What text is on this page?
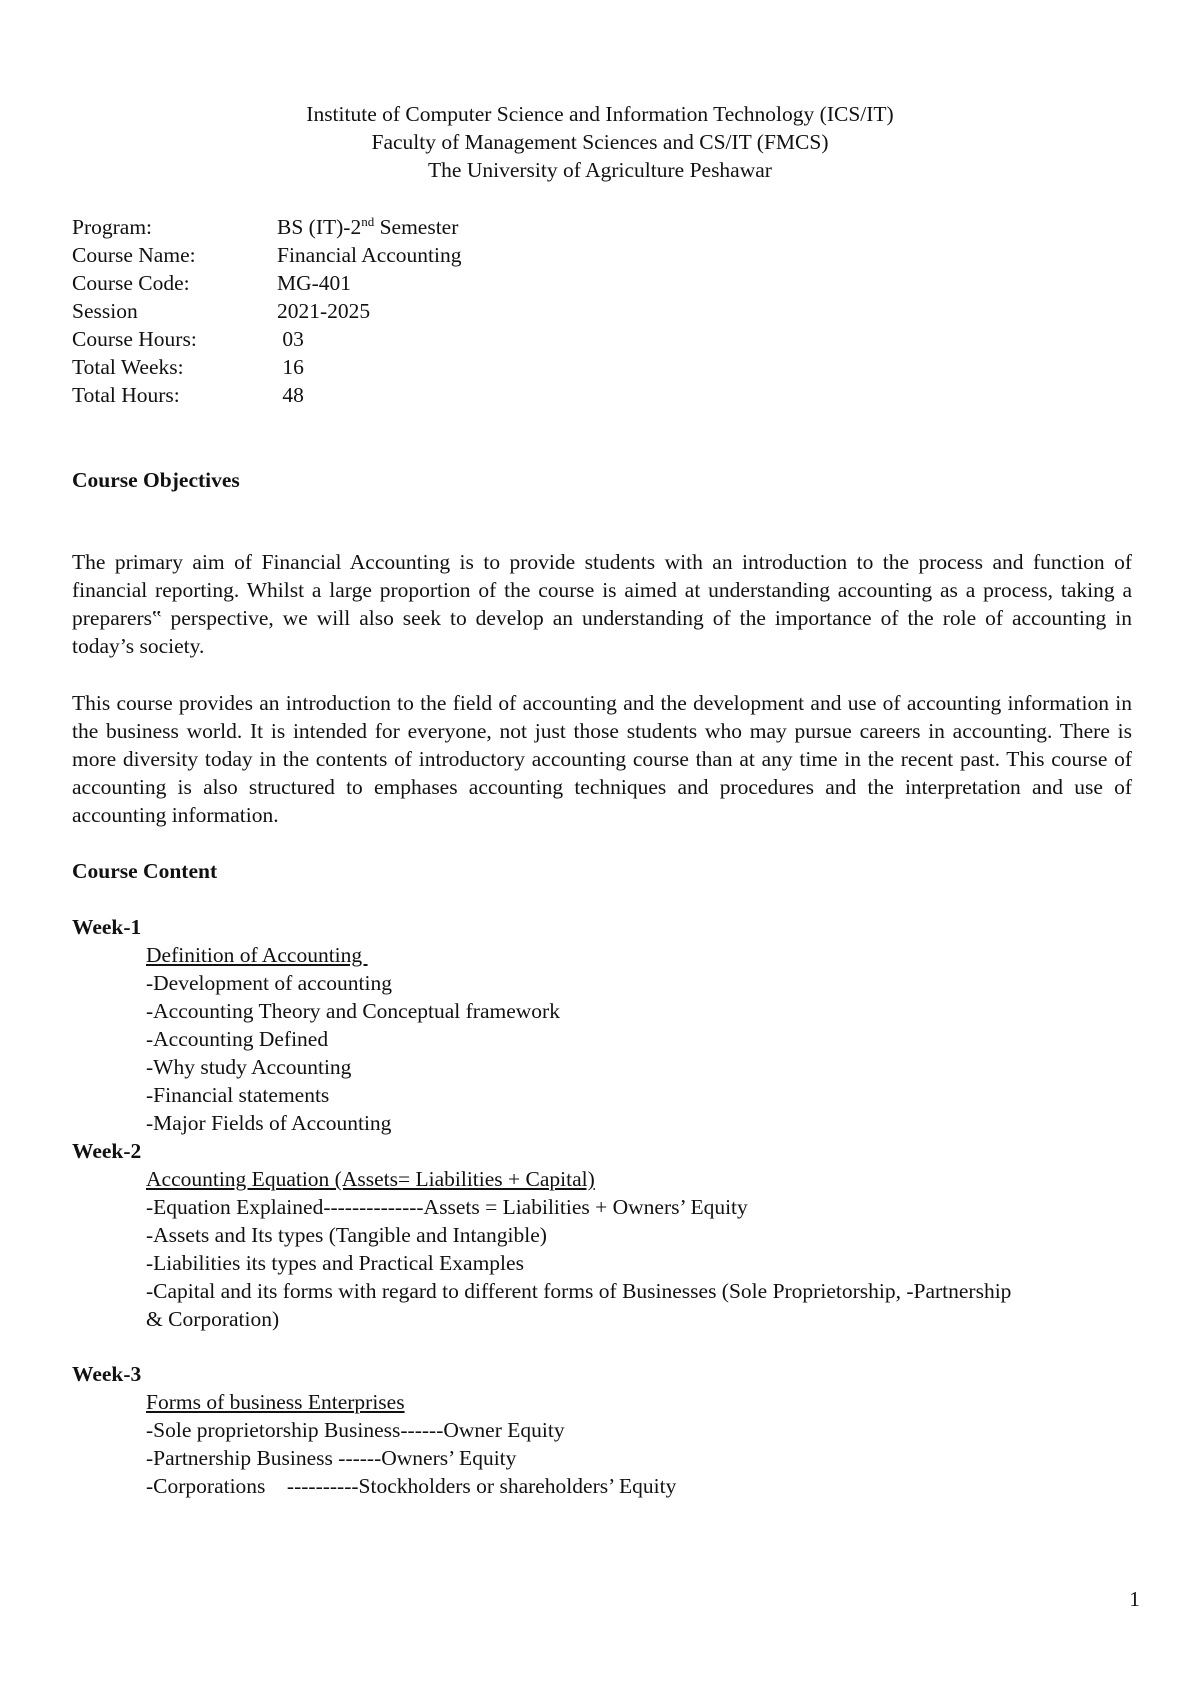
Institute of Computer Science and Information Technology (ICS/IT)
Faculty of Management Sciences and CS/IT (FMCS)
The University of Agriculture Peshawar
Program:	BS (IT)-2nd Semester
Course Name:	Financial Accounting
Course Code:	MG-401
Session	2021-2025
Course Hours:	03
Total Weeks:	16
Total Hours:	48
Course Objectives
The primary aim of Financial Accounting is to provide students with an introduction to the process and function of financial reporting. Whilst a large proportion of the course is aimed at understanding accounting as a process, taking a preparers‟ perspective, we will also seek to develop an understanding of the importance of the role of accounting in today’s society.
This course provides an introduction to the field of accounting and the development and use of accounting information in the business world. It is intended for everyone, not just those students who may pursue careers in accounting. There is more diversity today in the contents of introductory accounting course than at any time in the recent past. This course of accounting is also structured to emphases accounting techniques and procedures and the interpretation and use of accounting information.
Course Content
Week-1
Definition of Accounting
-Development of accounting
-Accounting Theory and Conceptual framework
-Accounting Defined
-Why study Accounting
-Financial statements
-Major Fields of Accounting
Week-2
Accounting Equation (Assets= Liabilities + Capital)
-Equation Explained--------------Assets = Liabilities + Owners’ Equity
-Assets and Its types (Tangible and Intangible)
-Liabilities its types and Practical Examples
-Capital and its forms with regard to different forms of Businesses (Sole Proprietorship, -Partnership
& Corporation)
Week-3
Forms of business Enterprises
-Sole proprietorship Business------Owner Equity
-Partnership Business ------Owners’ Equity
-Corporations    ----------Stockholders or shareholders’ Equity
1
